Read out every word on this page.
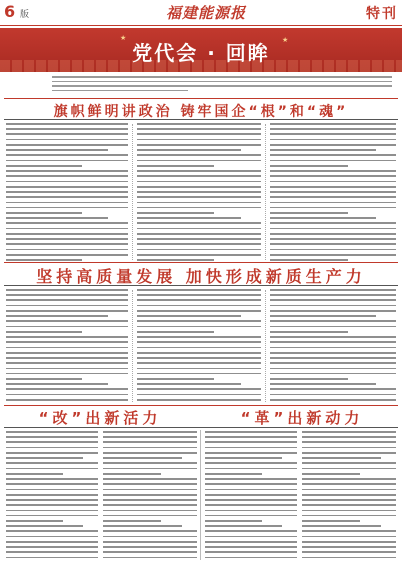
6 版	福建能源报	特刊
★	★
党代会 · 回眸
旗帜鲜明讲政治 铸牢国企“根”和“魂”
坚持高质量发展 加快形成新质生产力
“改”出新活力	“革”出新动力
